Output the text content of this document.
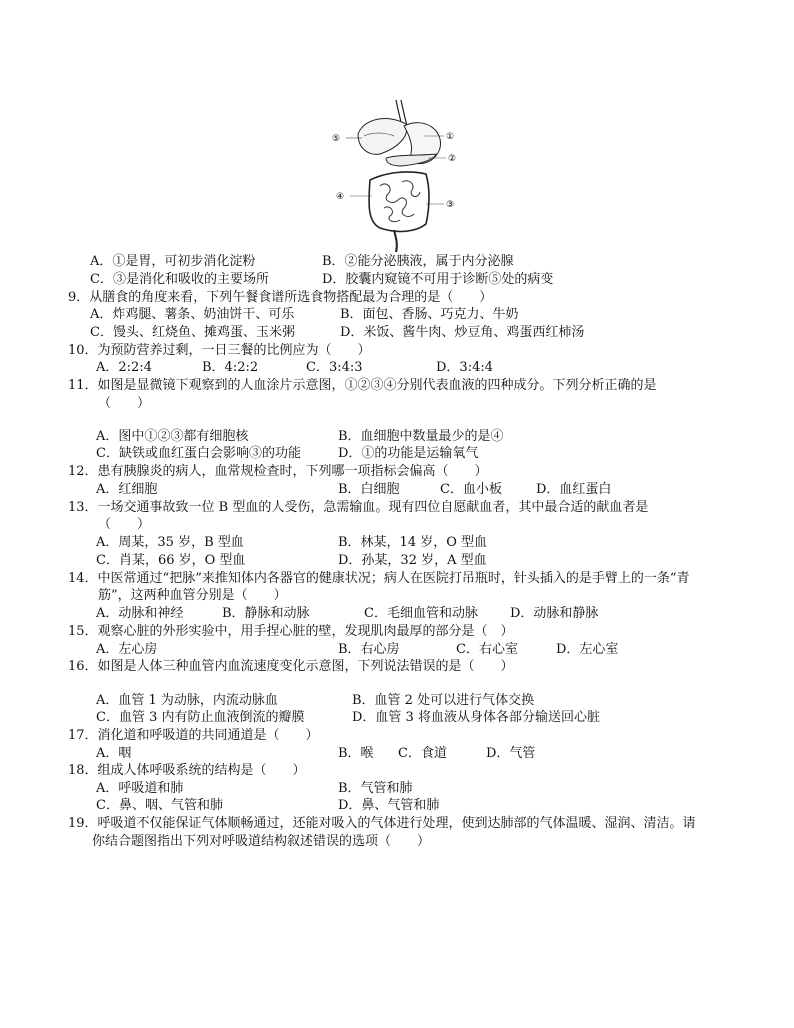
①
②
③
④
⑤
A．①是胃，可初步消化淀粉	B．②能分泌胰液，属于内分泌腺
C．③是消化和吸收的主要场所	D．胶囊内窥镜不可用于诊断⑤处的病变
9．从膳食的角度来看，下列午餐食谱所选食物搭配最为合理的是（　　）
A．炸鸡腿、薯条、奶油饼干、可乐	B．面包、香肠、巧克力、牛奶
C．馒头、红烧鱼、摊鸡蛋、玉米粥	D．米饭、酱牛肉、炒豆角、鸡蛋西红柿汤
10．为预防营养过剩，一日三餐的比例应为（　　）
A．2:2:4	B．4:2:2	C．3:4:3	D．3:4:4
11．如图是显微镜下观察到的人血涂片示意图，①②③④分别代表血液的四种成分。下列分析正确的是
（　　）
A．图中①②③都有细胞核	B．血细胞中数量最少的是④
C．缺铁或血红蛋白会影响③的功能	D．①的功能是运输氧气
12．患有胰腺炎的病人，血常规检查时，下列哪一项指标会偏高（　　）
A．红细胞	B．白细胞	C．血小板	D．血红蛋白
13．一场交通事故致一位 B 型血的人受伤，急需输血。现有四位自愿献血者，其中最合适的献血者是
（　　）
A．周某，35 岁，B 型血	B．林某，14 岁，O 型血
C．肖某，66 岁，O 型血	D．孙某，32 岁，A 型血
14．中医常通过“把脉”来推知体内各器官的健康状况；病人在医院打吊瓶时，针头插入的是手臂上的一条“青
筋”，这两种血管分别是（　　）
A．动脉和神经	B．静脉和动脉	C．毛细血管和动脉 D．动脉和静脉
15．观察心脏的外形实验中，用手捏心脏的壁，发现肌肉最厚的部分是（　）
A．左心房	B．右心房	C．右心室	D．左心室
16．如图是人体三种血管内血流速度变化示意图，下列说法错误的是（　　）
A．血管 1 为动脉，内流动脉血	B．血管 2 处可以进行气体交换
C．血管 3 内有防止血液倒流的瓣膜	D．血管 3 将血液从身体各部分输送回心脏
17．消化道和呼吸道的共同通道是（　　）
A．咽	B．喉 C．食道	D．气管
18．组成人体呼吸系统的结构是（　　）
A．呼吸道和肺	B．气管和肺
C．鼻、咽、气管和肺	D．鼻、气管和肺
19．呼吸道不仅能保证气体顺畅通过，还能对吸入的气体进行处理，使到达肺部的气体温暖、湿润、清洁。请
你结合题图指出下列对呼吸道结构叙述错误的选项（　　）
